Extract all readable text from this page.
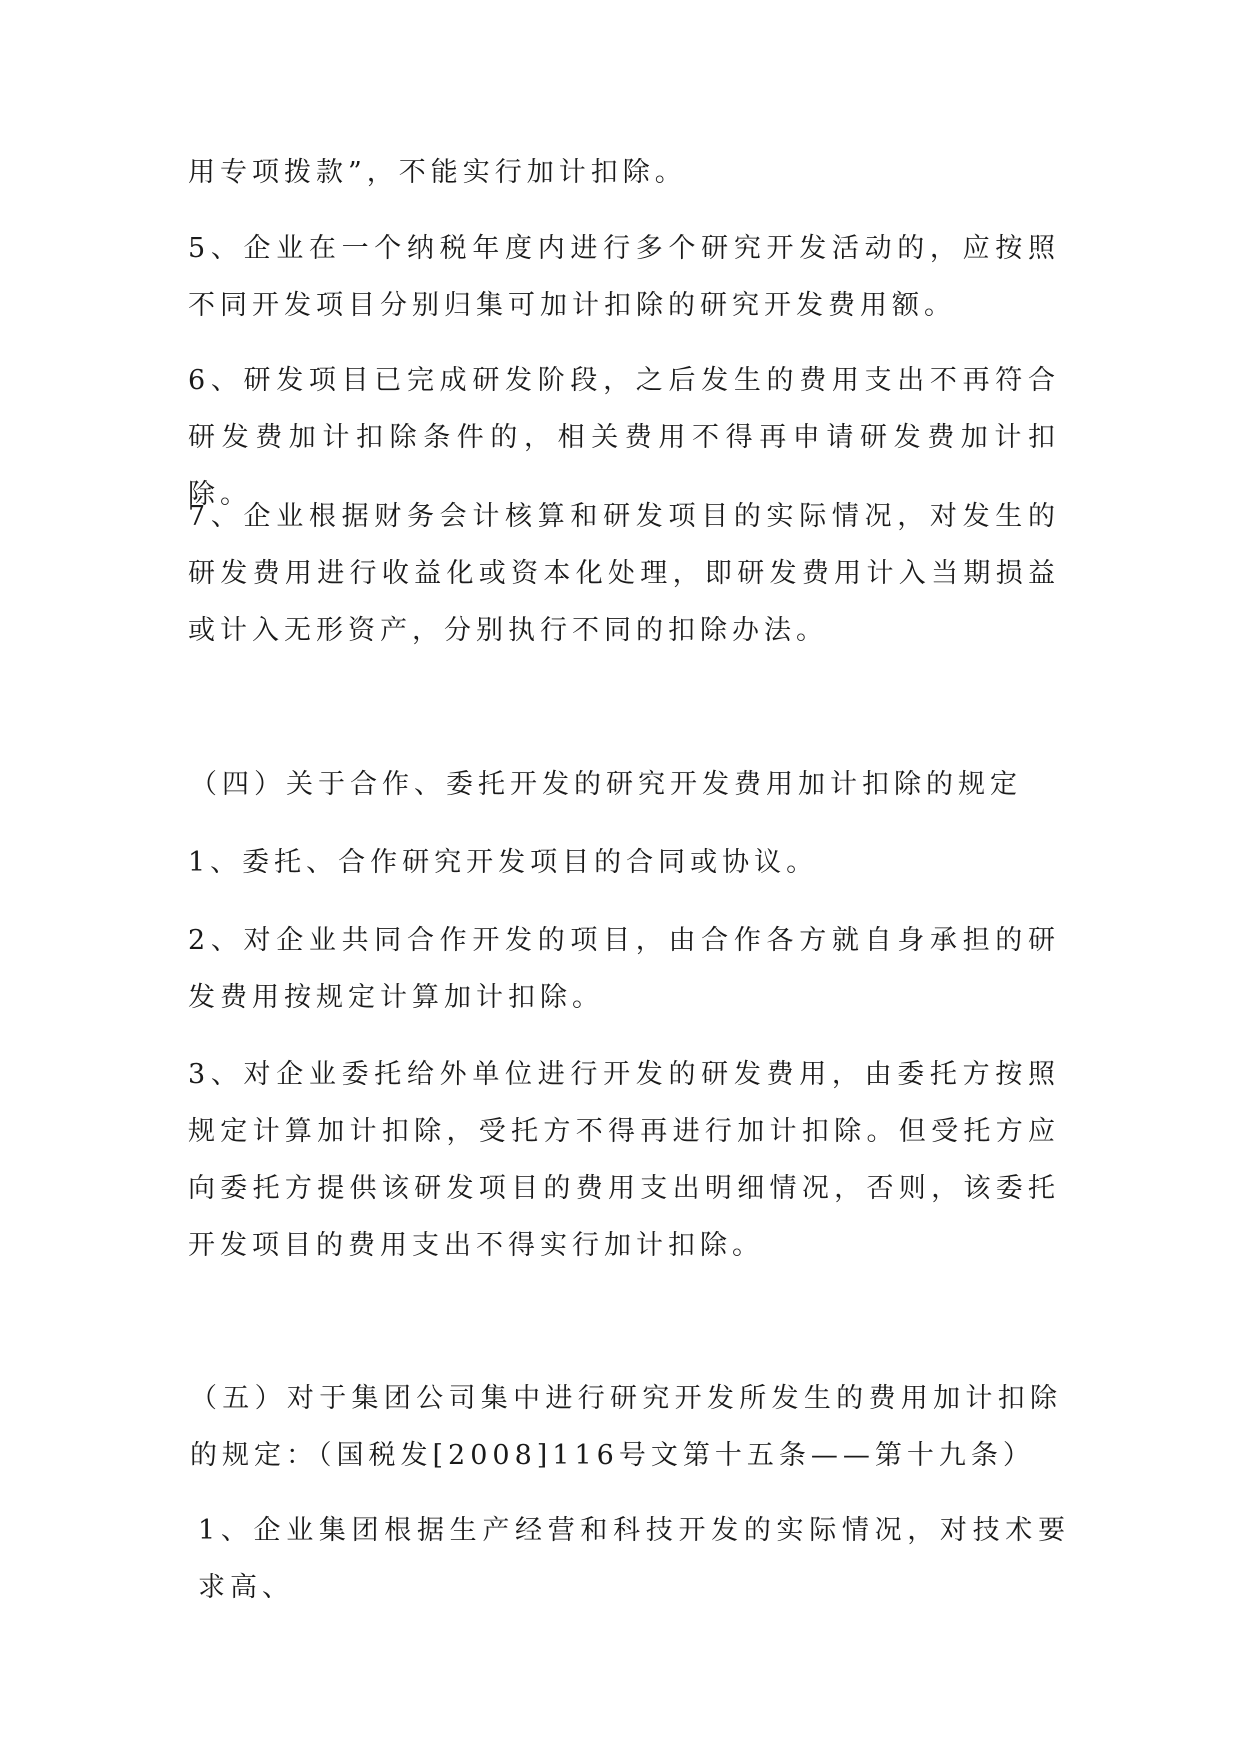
用专项拨款”，不能实行加计扣除。

5、企业在一个纳税年度内进行多个研究开发活动的，应按照不同开发项目分别归集可加计扣除的研究开发费用额。

6、研发项目已完成研发阶段，之后发生的费用支出不再符合研发费加计扣除条件的，相关费用不得再申请研发费加计扣除。

7、企业根据财务会计核算和研发项目的实际情况，对发生的研发费用进行收益化或资本化处理，即研发费用计入当期损益或计入无形资产，分别执行不同的扣除办法。

（四）关于合作、委托开发的研究开发费用加计扣除的规定

1、委托、合作研究开发项目的合同或协议。

2、对企业共同合作开发的项目，由合作各方就自身承担的研发费用按规定计算加计扣除。

3、对企业委托给外单位进行开发的研发费用，由委托方按照规定计算加计扣除，受托方不得再进行加计扣除。但受托方应向委托方提供该研发项目的费用支出明细情况，否则，该委托开发项目的费用支出不得实行加计扣除。

（五）对于集团公司集中进行研究开发所发生的费用加计扣除的规定：（国税发[2008]116号文第十五条——第十九条）

1、企业集团根据生产经营和科技开发的实际情况，对技术要求高、
